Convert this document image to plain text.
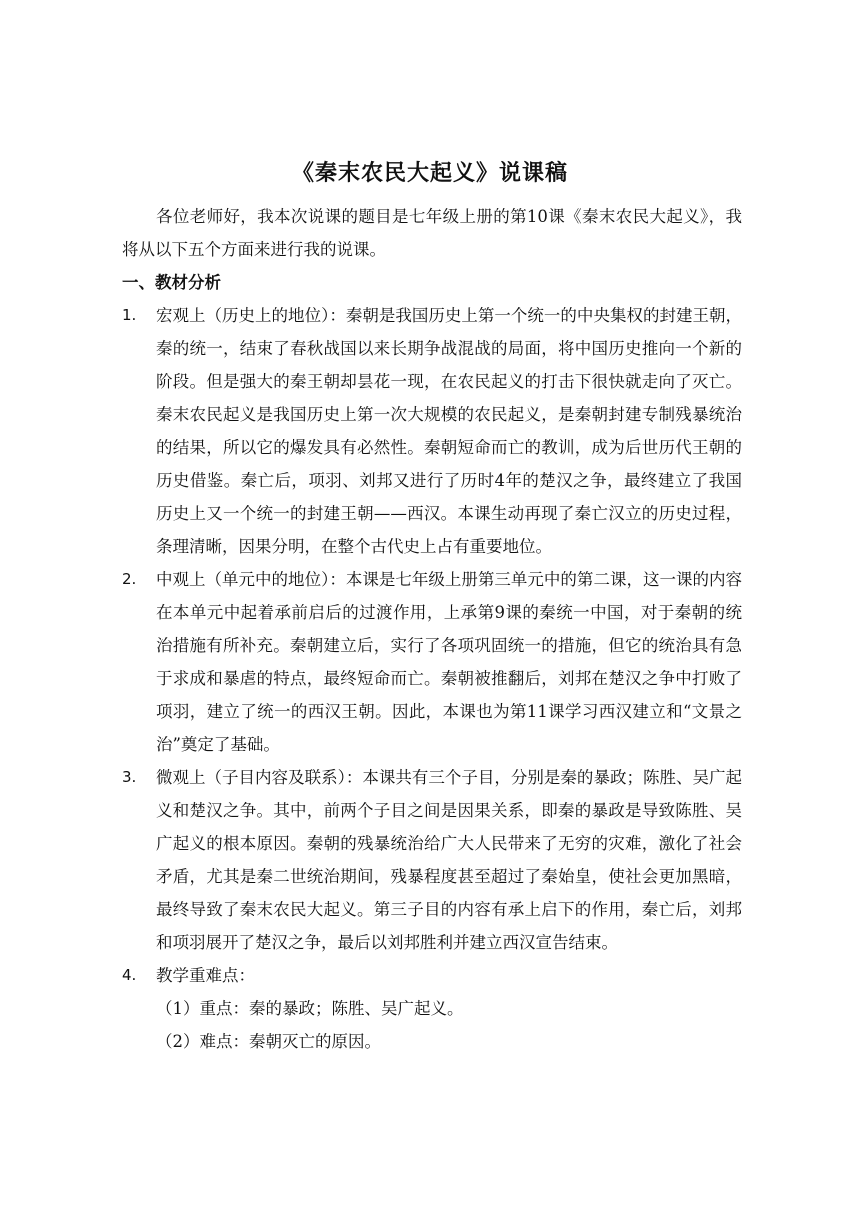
《秦末农民大起义》说课稿
各位老师好，我本次说课的题目是七年级上册的第10课《秦末农民大起义》，我将从以下五个方面来进行我的说课。
一、教材分析
1.	宏观上（历史上的地位）：秦朝是我国历史上第一个统一的中央集权的封建王朝，秦的统一，结束了春秋战国以来长期争战混战的局面，将中国历史推向一个新的阶段。但是强大的秦王朝却昙花一现，在农民起义的打击下很快就走向了灭亡。秦末农民起义是我国历史上第一次大规模的农民起义，是秦朝封建专制残暴统治的结果，所以它的爆发具有必然性。秦朝短命而亡的教训，成为后世历代王朝的历史借鉴。秦亡后，项羽、刘邦又进行了历时4年的楚汉之争，最终建立了我国历史上又一个统一的封建王朝——西汉。本课生动再现了秦亡汉立的历史过程，条理清晰，因果分明，在整个古代史上占有重要地位。
2.	中观上（单元中的地位）：本课是七年级上册第三单元中的第二课，这一课的内容在本单元中起着承前启后的过渡作用，上承第9课的秦统一中国，对于秦朝的统治措施有所补充。秦朝建立后，实行了各项巩固统一的措施，但它的统治具有急于求成和暴虐的特点，最终短命而亡。秦朝被推翻后，刘邦在楚汉之争中打败了项羽，建立了统一的西汉王朝。因此，本课也为第11课学习西汉建立和“文景之治”奠定了基础。
3.	微观上（子目内容及联系）：本课共有三个子目，分别是秦的暴政；陈胜、吴广起义和楚汉之争。其中，前两个子目之间是因果关系，即秦的暴政是导致陈胜、吴广起义的根本原因。秦朝的残暴统治给广大人民带来了无穷的灾难，激化了社会矛盾，尤其是秦二世统治期间，残暴程度甚至超过了秦始皇，使社会更加黑暗，最终导致了秦末农民大起义。第三子目的内容有承上启下的作用，秦亡后，刘邦和项羽展开了楚汉之争，最后以刘邦胜利并建立西汉宣告结束。
4.	教学重难点：
（1）重点：秦的暴政；陈胜、吴广起义。
（2）难点：秦朝灭亡的原因。
